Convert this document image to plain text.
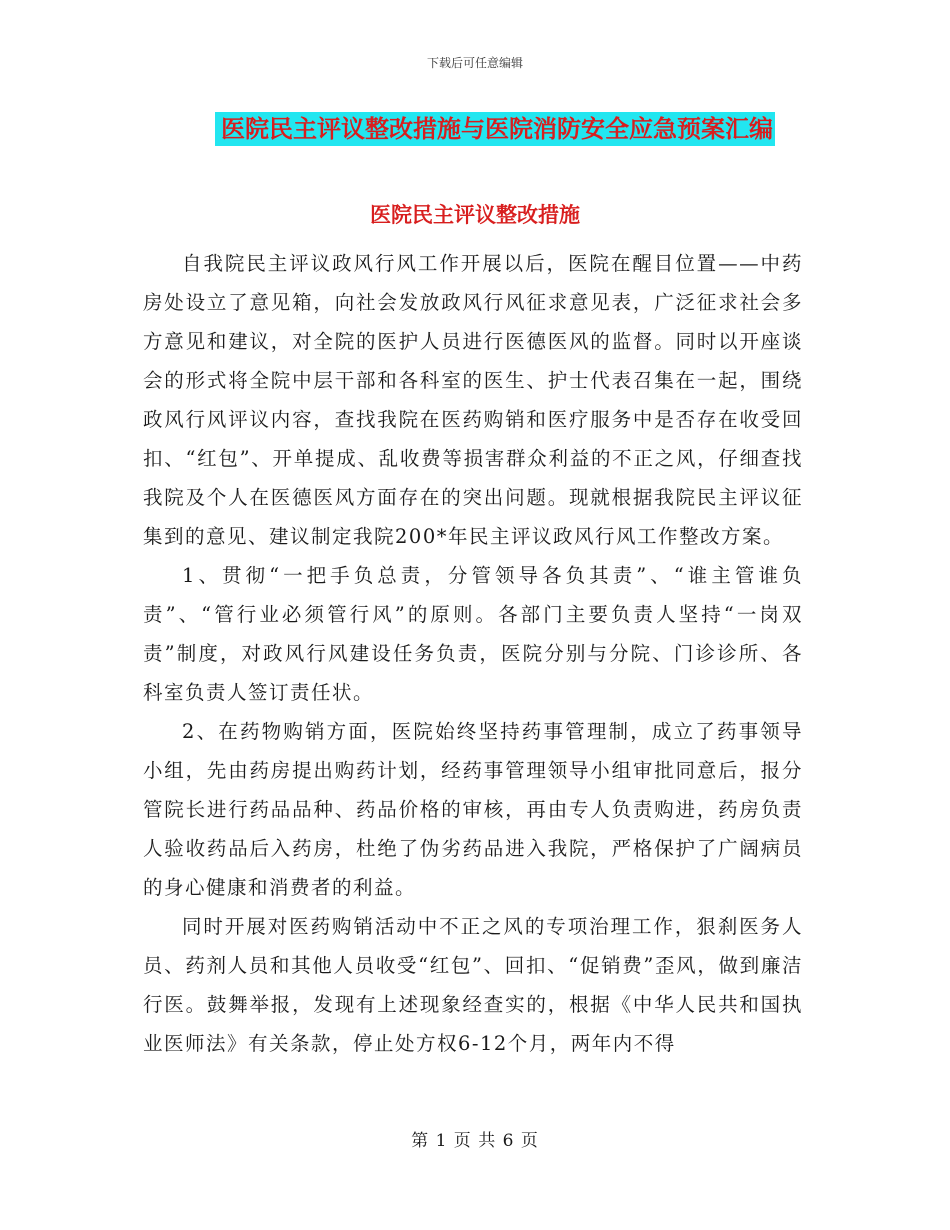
下载后可任意编辑
医院民主评议整改措施与医院消防安全应急预案汇编
医院民主评议整改措施

自我院民主评议政风行风工作开展以后，医院在醒目位置——中药房处设立了意见箱，向社会发放政风行风征求意见表，广泛征求社会多方意见和建议，对全院的医护人员进行医德医风的监督。同时以开座谈会的形式将全院中层干部和各科室的医生、护士代表召集在一起，围绕政风行风评议内容，查找我院在医药购销和医疗服务中是否存在收受回扣、“红包”、开单提成、乱收费等损害群众利益的不正之风，仔细查找我院及个人在医德医风方面存在的突出问题。现就根据我院民主评议征集到的意见、建议制定我院200*年民主评议政风行风工作整改方案。

1、贯彻“一把手负总责，分管领导各负其责”、“谁主管谁负责”、“管行业必须管行风”的原则。各部门主要负责人坚持“一岗双责”制度，对政风行风建设任务负责，医院分别与分院、门诊诊所、各科室负责人签订责任状。

2、在药物购销方面，医院始终坚持药事管理制，成立了药事领导小组，先由药房提出购药计划，经药事管理领导小组审批同意后，报分管院长进行药品品种、药品价格的审核，再由专人负责购进，药房负责人验收药品后入药房，杜绝了伪劣药品进入我院，严格保护了广阔病员的身心健康和消费者的利益。

同时开展对医药购销活动中不正之风的专项治理工作，狠刹医务人员、药剂人员和其他人员收受“红包”、回扣、“促销费”歪风，做到廉洁行医。鼓舞举报，发现有上述现象经查实的，根据《中华人民共和国执业医师法》有关条款，停止处方权6-12个月，两年内不得

第 1 页 共 6 页
